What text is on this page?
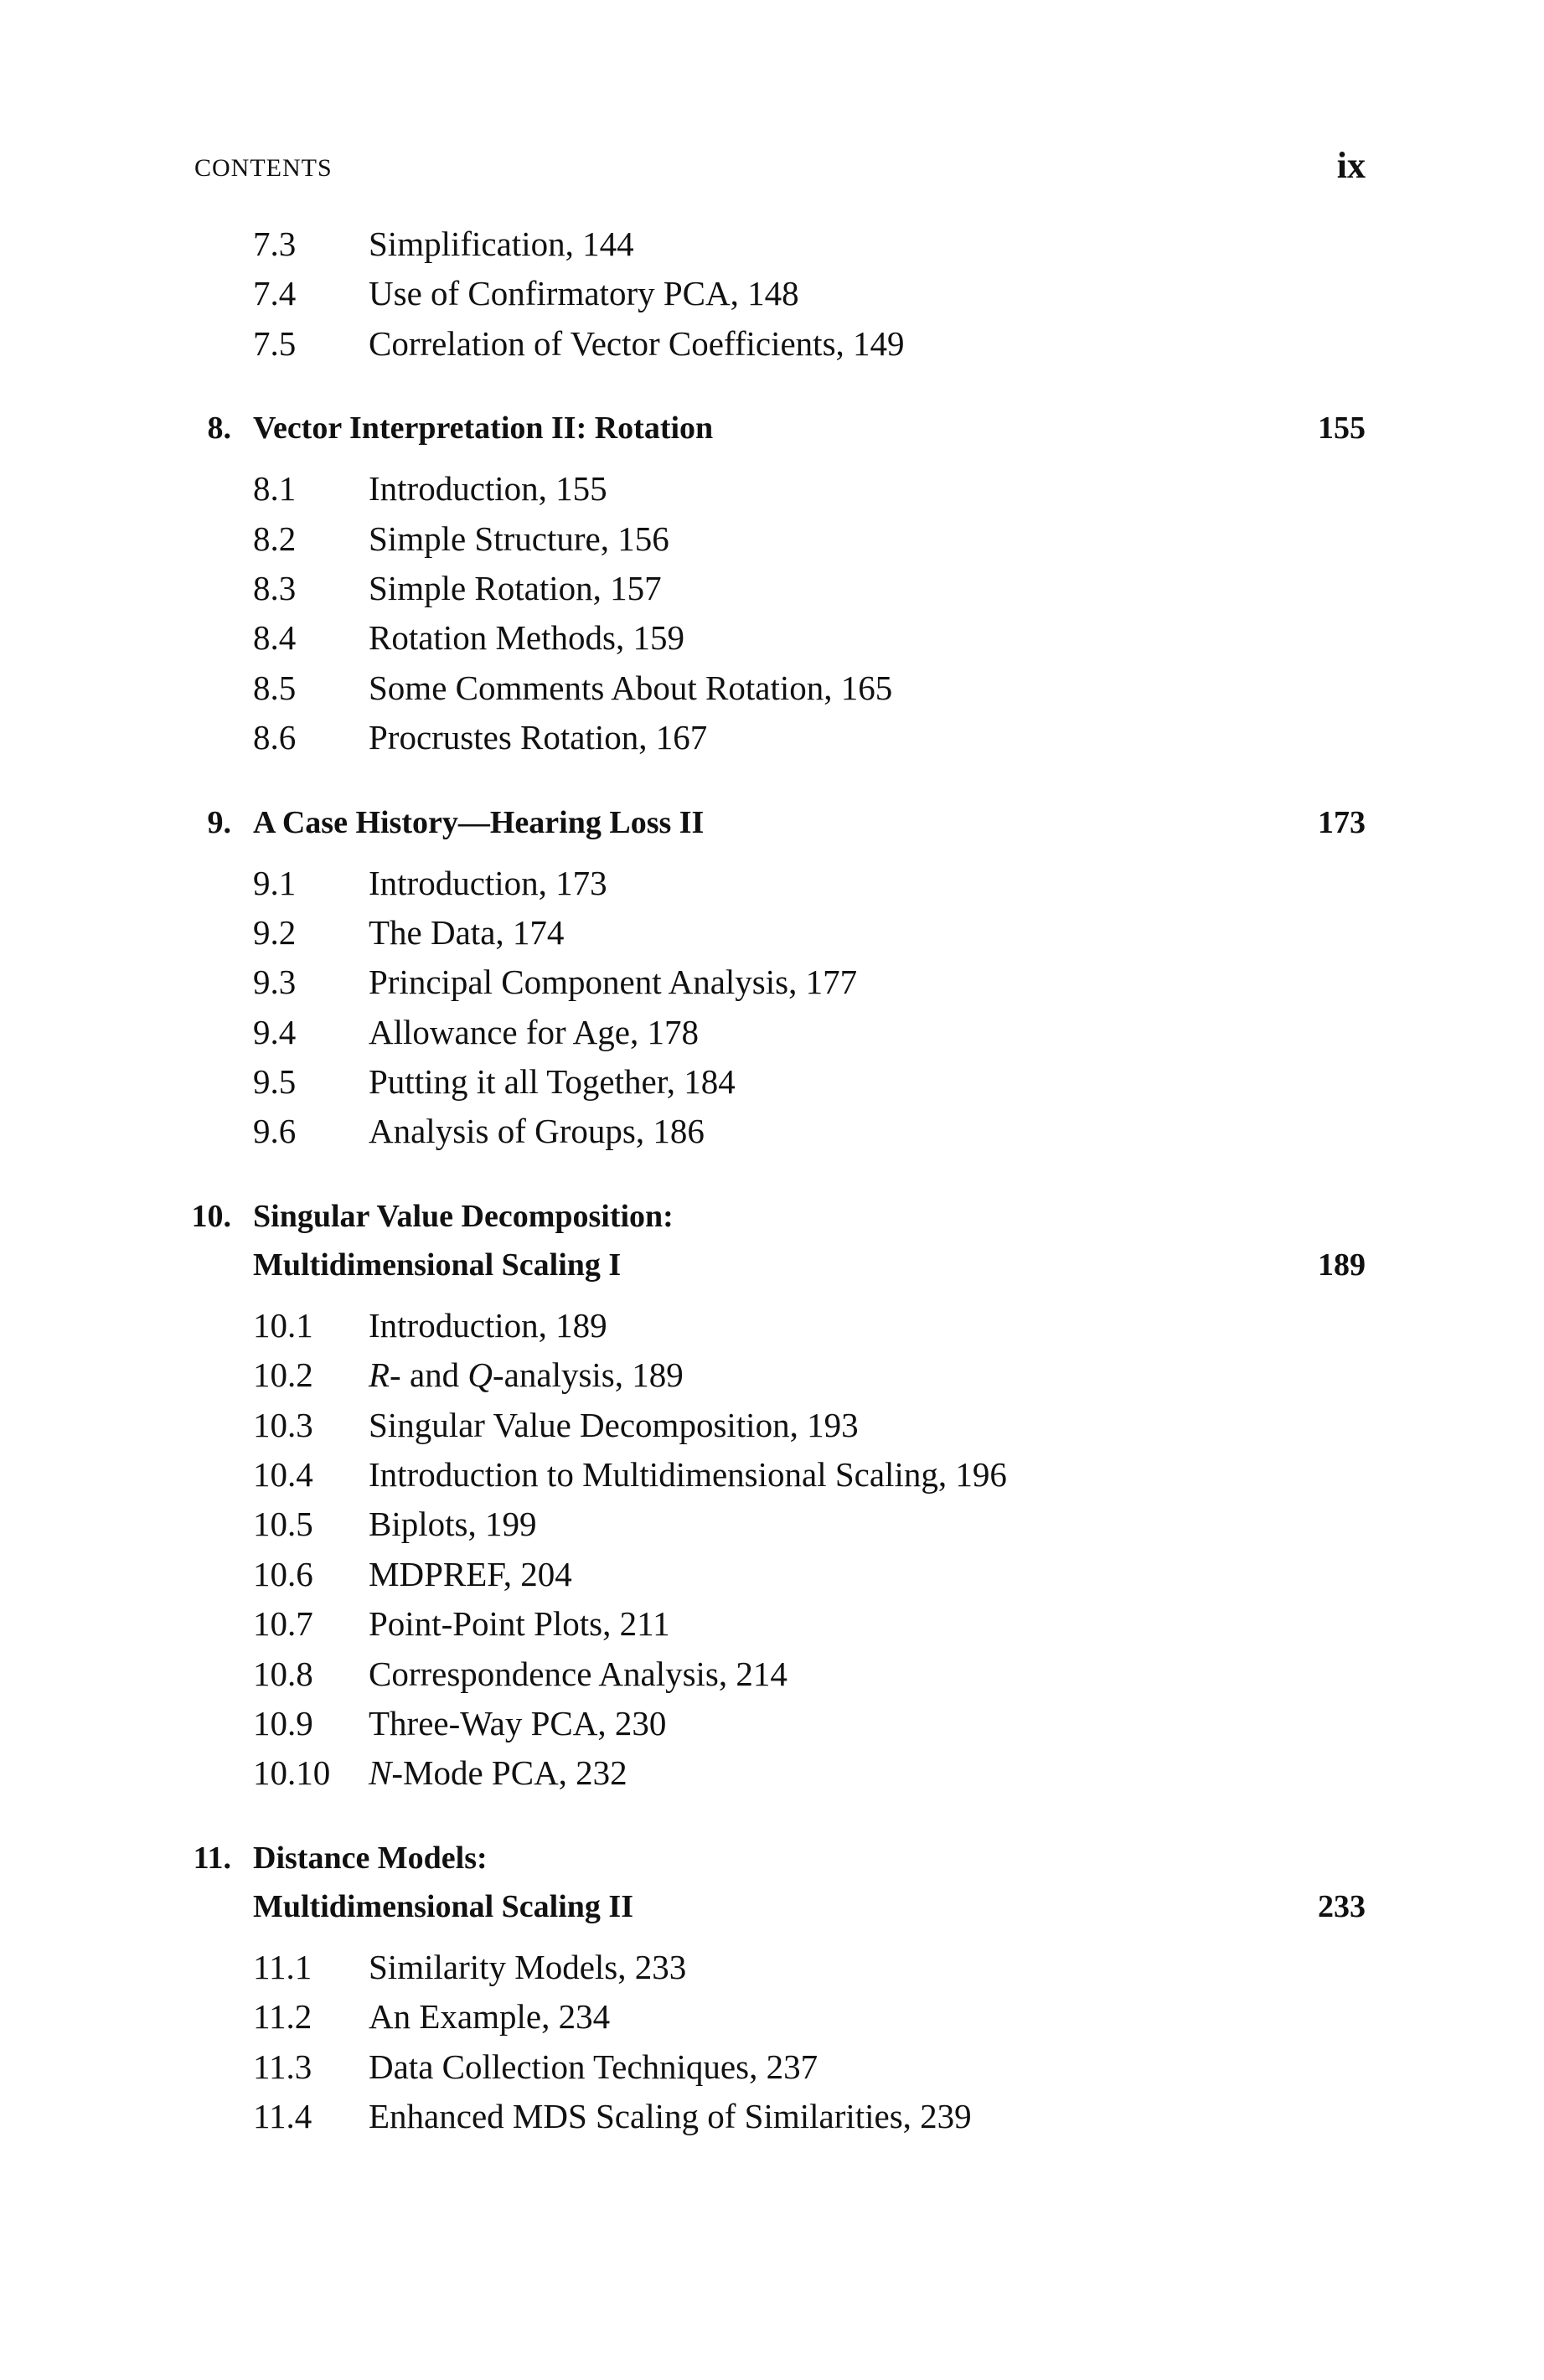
CONTENTS	ix
7.3 Simplification, 144
7.4 Use of Confirmatory PCA, 148
7.5 Correlation of Vector Coefficients, 149
8. Vector Interpretation II: Rotation	155
8.1 Introduction, 155
8.2 Simple Structure, 156
8.3 Simple Rotation, 157
8.4 Rotation Methods, 159
8.5 Some Comments About Rotation, 165
8.6 Procrustes Rotation, 167
9. A Case History—Hearing Loss II	173
9.1 Introduction, 173
9.2 The Data, 174
9.3 Principal Component Analysis, 177
9.4 Allowance for Age, 178
9.5 Putting it all Together, 184
9.6 Analysis of Groups, 186
10. Singular Value Decomposition:
Multidimensional Scaling I	189
10.1 Introduction, 189
10.2 R- and Q-analysis, 189
10.3 Singular Value Decomposition, 193
10.4 Introduction to Multidimensional Scaling, 196
10.5 Biplots, 199
10.6 MDPREF, 204
10.7 Point-Point Plots, 211
10.8 Correspondence Analysis, 214
10.9 Three-Way PCA, 230
10.10 N-Mode PCA, 232
11. Distance Models:
Multidimensional Scaling II	233
11.1 Similarity Models, 233
11.2 An Example, 234
11.3 Data Collection Techniques, 237
11.4 Enhanced MDS Scaling of Similarities, 239
